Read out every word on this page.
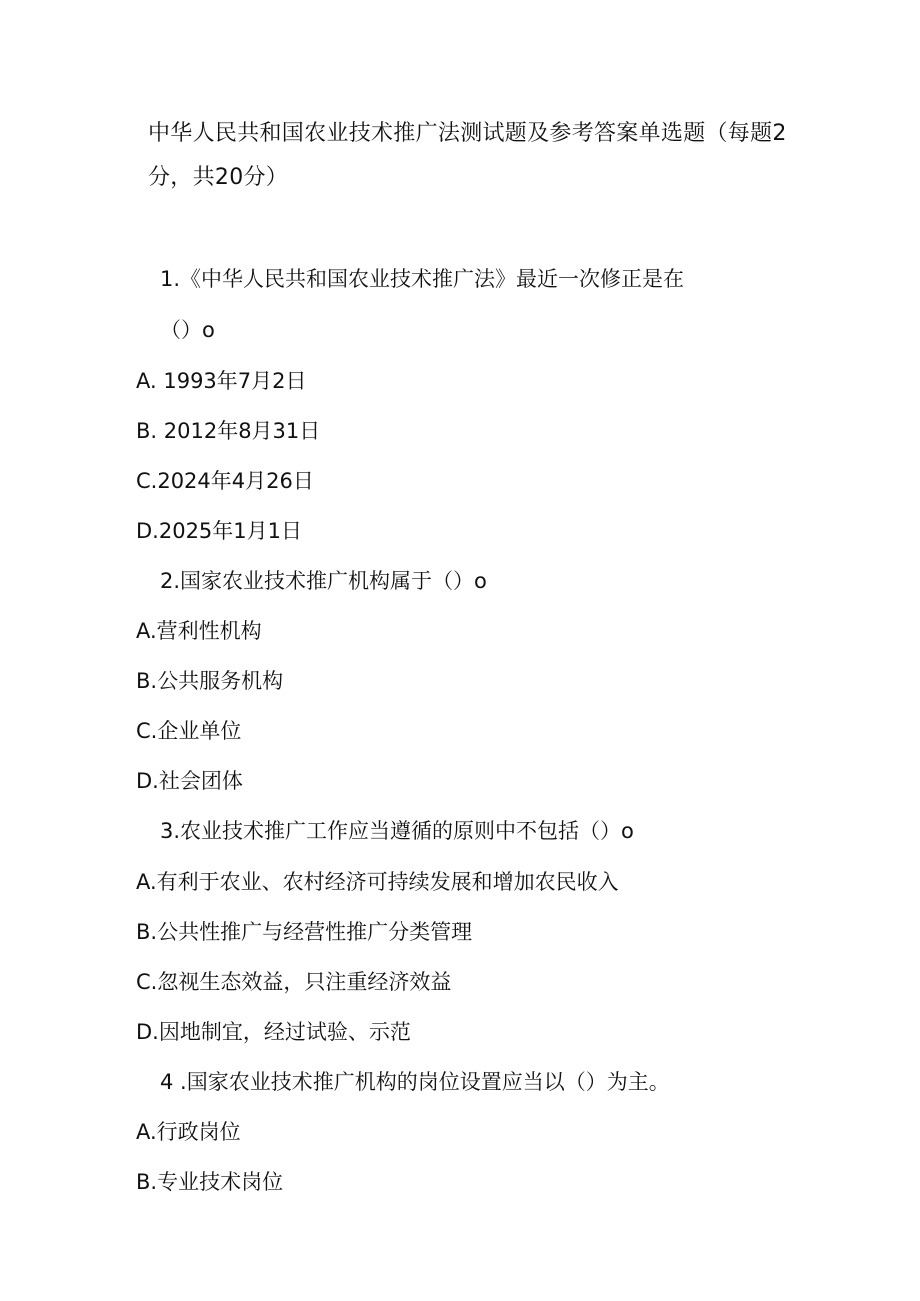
中华人民共和国农业技术推广法测试题及参考答案单选题（每题2分，共20分）
1.《中华人民共和国农业技术推广法》最近一次修正是在
（）o
A. 1993年7月2日
B. 2012年8月31日
C.2024年4月26日
D.2025年1月1日
2.国家农业技术推广机构属于（）o
A.营利性机构
B.公共服务机构
C.企业单位
D.社会团体
3.农业技术推广工作应当遵循的原则中不包括（）o
A.有利于农业、农村经济可持续发展和增加农民收入
B.公共性推广与经营性推广分类管理
C.忽视生态效益，只注重经济效益
D.因地制宜，经过试验、示范
4 .国家农业技术推广机构的岗位设置应当以（）为主。
A.行政岗位
B.专业技术岗位
